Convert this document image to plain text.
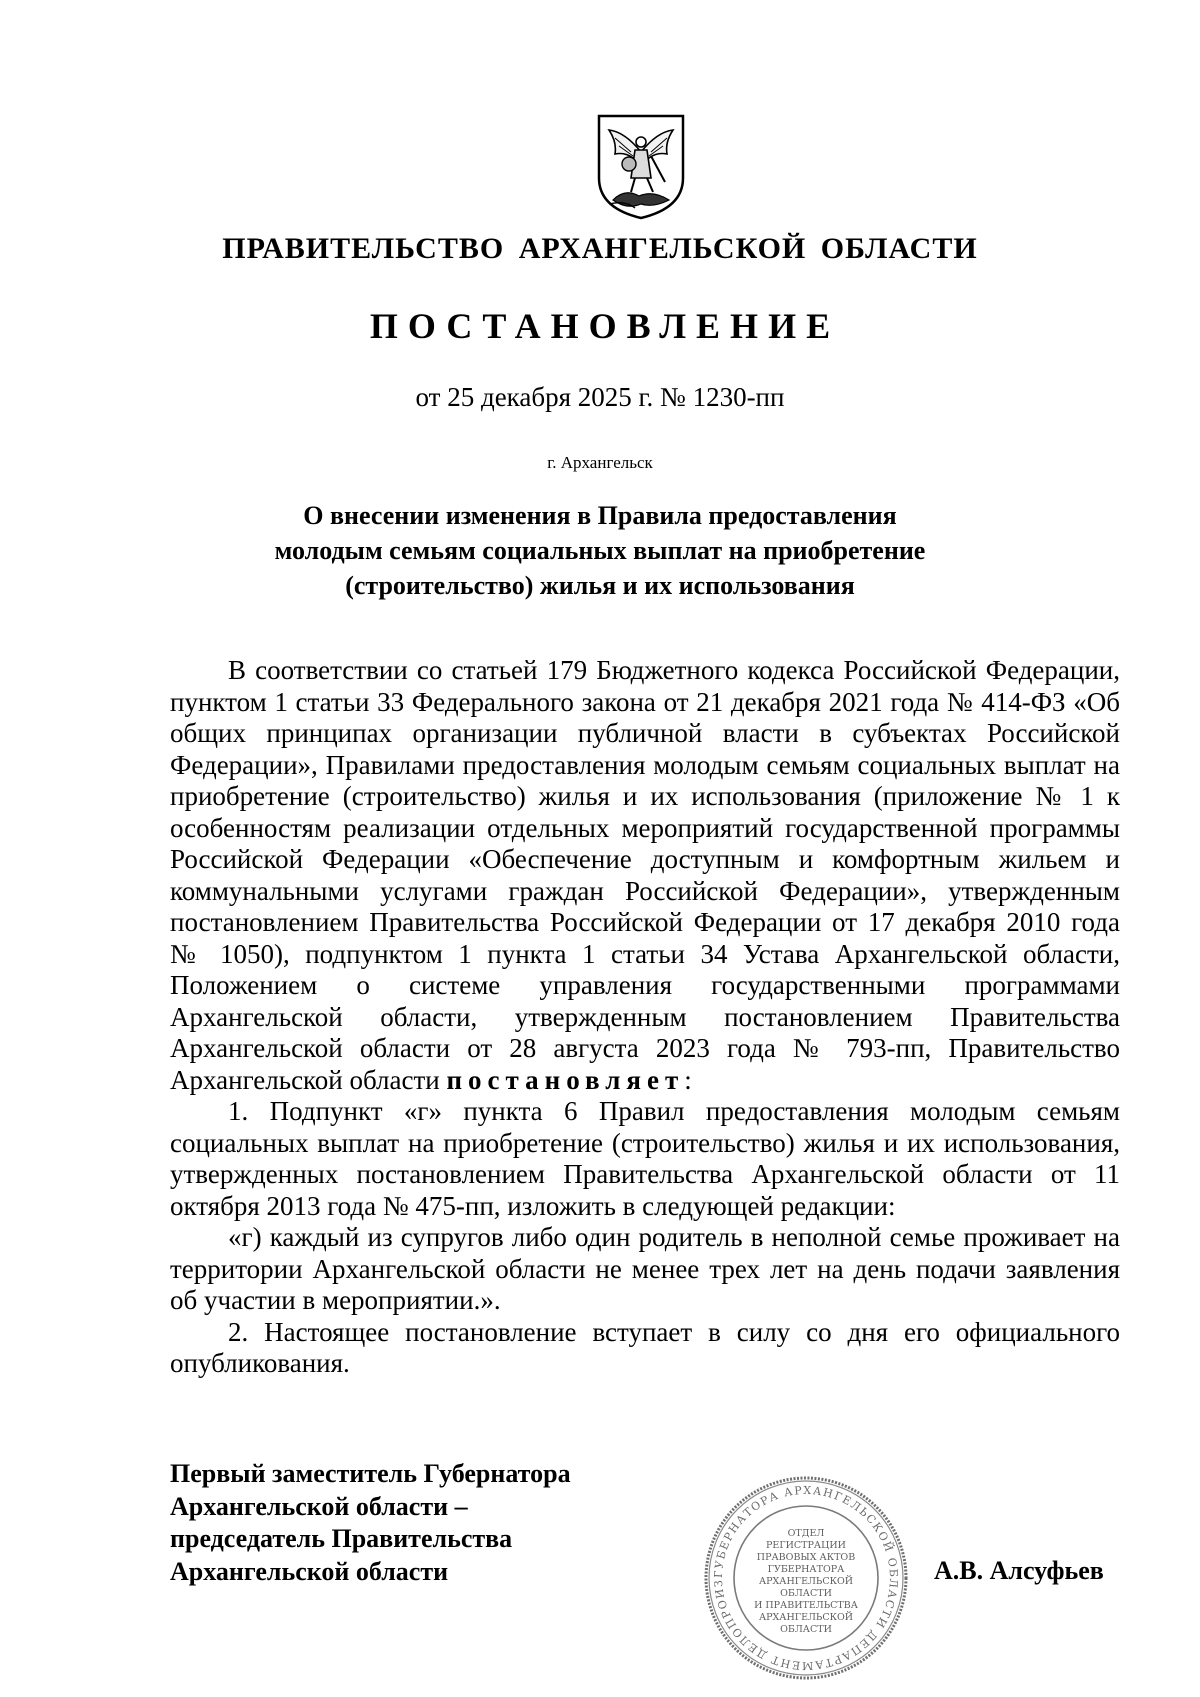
ПРАВИТЕЛЬСТВО АРХАНГЕЛЬСКОЙ ОБЛАСТИ
ПОСТАНОВЛЕНИЕ
от 25 декабря 2025 г. № 1230-пп
г. Архангельск
О внесении изменения в Правила предоставления
молодым семьям социальных выплат на приобретение
(строительство) жилья и их использования

В соответствии со статьей 179 Бюджетного кодекса Российской Федерации, пунктом 1 статьи 33 Федерального закона от 21 декабря 2021 года № 414-ФЗ «Об общих принципах организации публичной власти в субъектах Российской Федерации», Правилами предоставления молодым семьям социальных выплат на приобретение (строительство) жилья и их использования (приложение № 1 к особенностям реализации отдельных мероприятий государственной программы Российской Федерации «Обеспечение доступным и комфортным жильем и коммунальными услугами граждан Российской Федерации», утвержденным постановлением Правительства Российской Федерации от 17 декабря 2010 года № 1050), подпунктом 1 пункта 1 статьи 34 Устава Архангельской области, Положением о системе управления государственными программами Архангельской области, утвержденным постановлением Правительства Архангельской области от 28 августа 2023 года № 793-пп, Правительство Архангельской области постановляет:

1. Подпункт «г» пункта 6 Правил предоставления молодым семьям социальных выплат на приобретение (строительство) жилья и их использования, утвержденных постановлением Правительства Архангельской области от 11 октября 2013 года № 475-пп, изложить в следующей редакции:

«г) каждый из супругов либо один родитель в неполной семье проживает на территории Архангельской области не менее трех лет на день подачи заявления об участии в мероприятии.».

2. Настоящее постановление вступает в силу со дня его официального опубликования.

Первый заместитель Губернатора
Архангельской области –
председатель Правительства
Архангельской области	ГУБЕРНАТОРА АРХАНГЕЛЬСКОЙ ОБЛАСТИ ДЕПАРТАМЕНТ ДЕЛОПРОИЗ
ОТДЕЛ
РЕГИСТРАЦИИ
ПРАВОВЫХ АКТОВ
ГУБЕРНАТОРА
АРХАНГЕЛЬСКОЙ
ОБЛАСТИ
И ПРАВИТЕЛЬСТВА
АРХАНГЕЛЬСКОЙ
ОБЛАСТИ
А.В. Алсуфьев
